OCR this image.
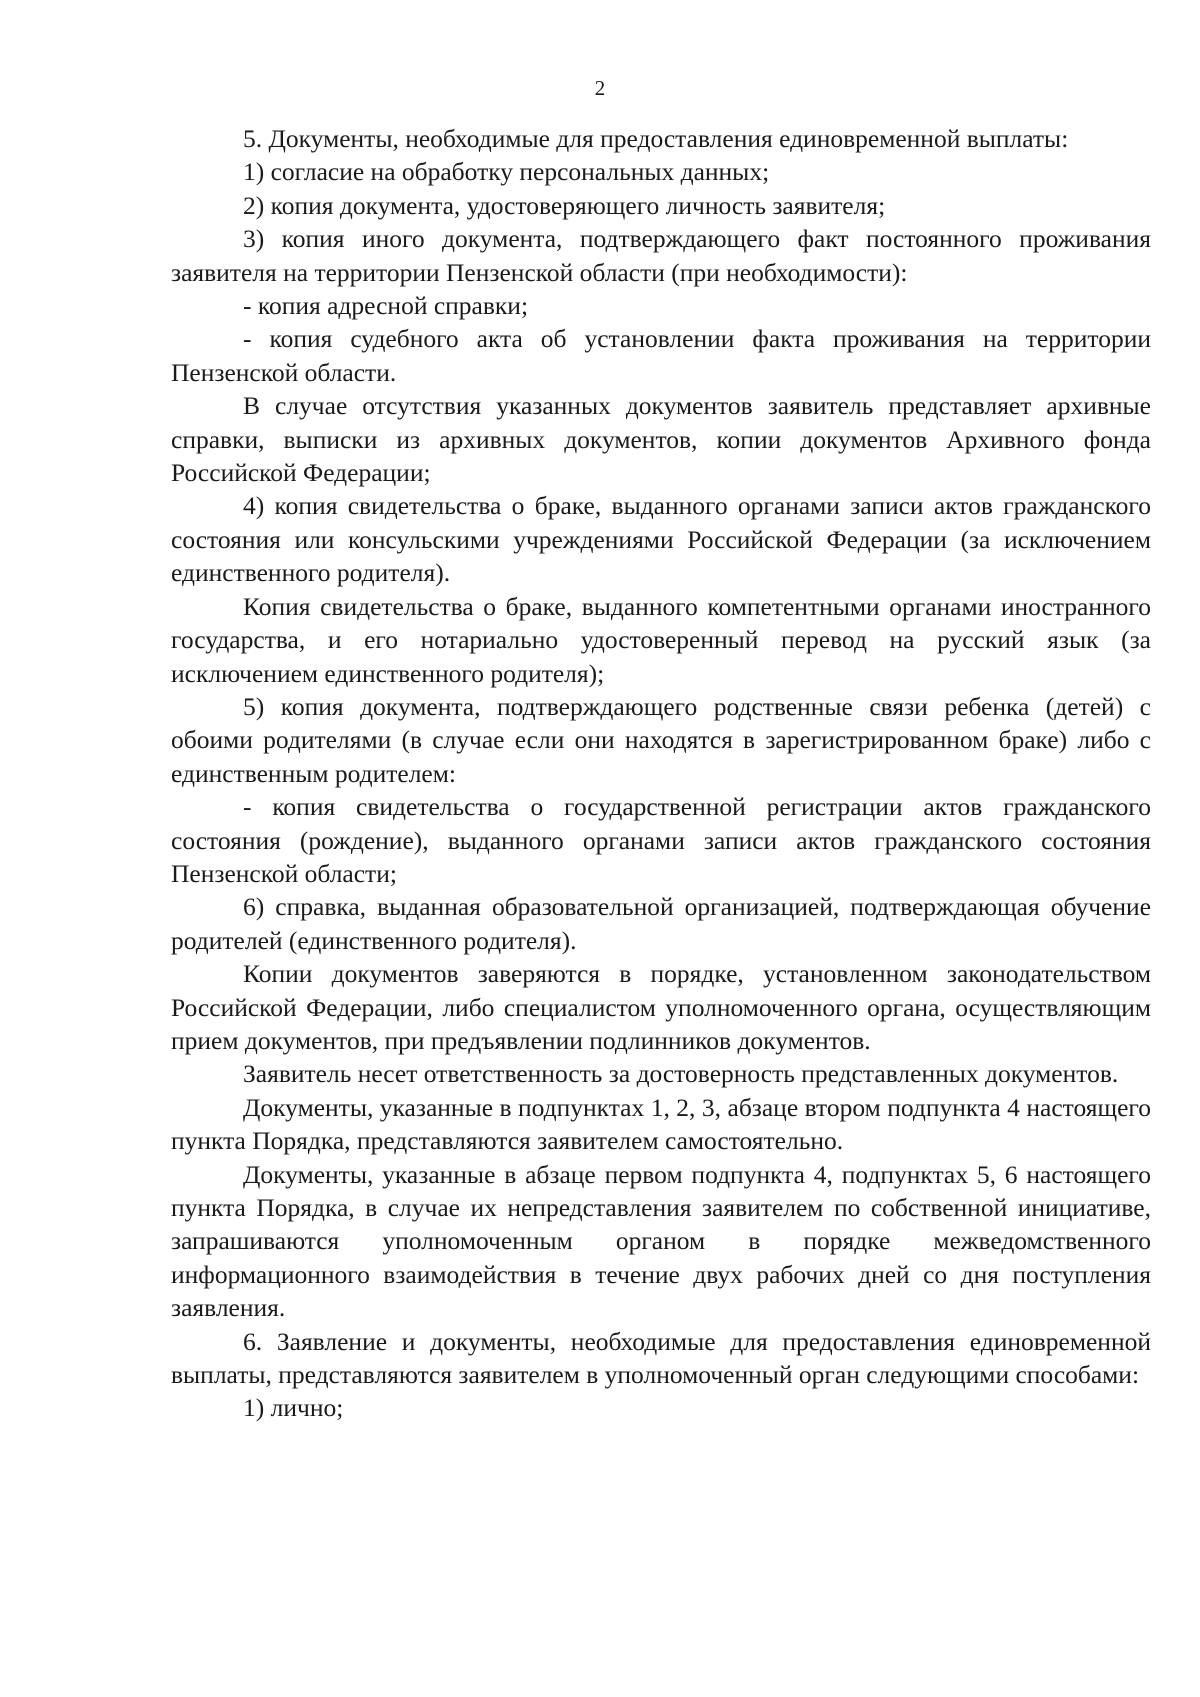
2

5. Документы, необходимые для предоставления единовременной выплаты:

1) согласие на обработку персональных данных;

2) копия документа, удостоверяющего личность заявителя;

3) копия иного документа, подтверждающего факт постоянного проживания заявителя на территории Пензенской области (при необходимости):

- копия адресной справки;

- копия судебного акта об установлении факта проживания на территории Пензенской области.

В случае отсутствия указанных документов заявитель представляет архивные справки, выписки из архивных документов, копии документов Архивного фонда Российской Федерации;

4) копия свидетельства о браке, выданного органами записи актов гражданского состояния или консульскими учреждениями Российской Федерации (за исключением единственного родителя).

Копия свидетельства о браке, выданного компетентными органами иностранного государства, и его нотариально удостоверенный перевод на русский язык (за исключением единственного родителя);

5) копия документа, подтверждающего родственные связи ребенка (детей) с обоими родителями (в случае если они находятся в зарегистрированном браке) либо с единственным родителем:

- копия свидетельства о государственной регистрации актов гражданского состояния (рождение), выданного органами записи актов гражданского состояния Пензенской области;

6) справка, выданная образовательной организацией, подтверждающая обучение родителей (единственного родителя).

Копии документов заверяются в порядке, установленном законодательством Российской Федерации, либо специалистом уполномоченного органа, осуществляющим прием документов, при предъявлении подлинников документов.

Заявитель несет ответственность за достоверность представленных документов.

Документы, указанные в подпунктах 1, 2, 3, абзаце втором подпункта 4 настоящего пункта Порядка, представляются заявителем самостоятельно.

Документы, указанные в абзаце первом подпункта 4, подпунктах 5, 6 настоящего пункта Порядка, в случае их непредставления заявителем по собственной инициативе, запрашиваются уполномоченным органом в порядке межведомственного информационного взаимодействия в течение двух рабочих дней со дня поступления заявления.

6. Заявление и документы, необходимые для предоставления единовременной выплаты, представляются заявителем в уполномоченный орган следующими способами:

1) лично;
